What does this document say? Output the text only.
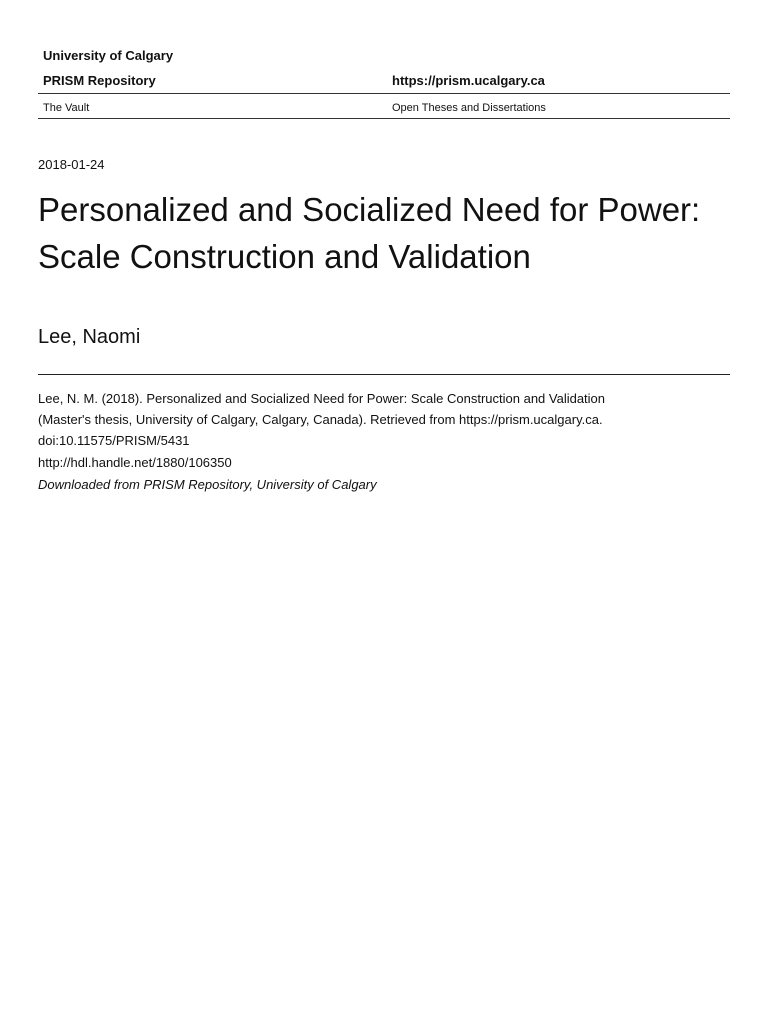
University of Calgary
PRISM Repository	https://prism.ucalgary.ca
The Vault	Open Theses and Dissertations
2018-01-24
Personalized and Socialized Need for Power: Scale Construction and Validation
Lee, Naomi

Lee, N. M. (2018). Personalized and Socialized Need for Power: Scale Construction and Validation (Master's thesis, University of Calgary, Calgary, Canada). Retrieved from https://prism.ucalgary.ca. doi:10.11575/PRISM/5431

http://hdl.handle.net/1880/106350
Downloaded from PRISM Repository, University of Calgary
